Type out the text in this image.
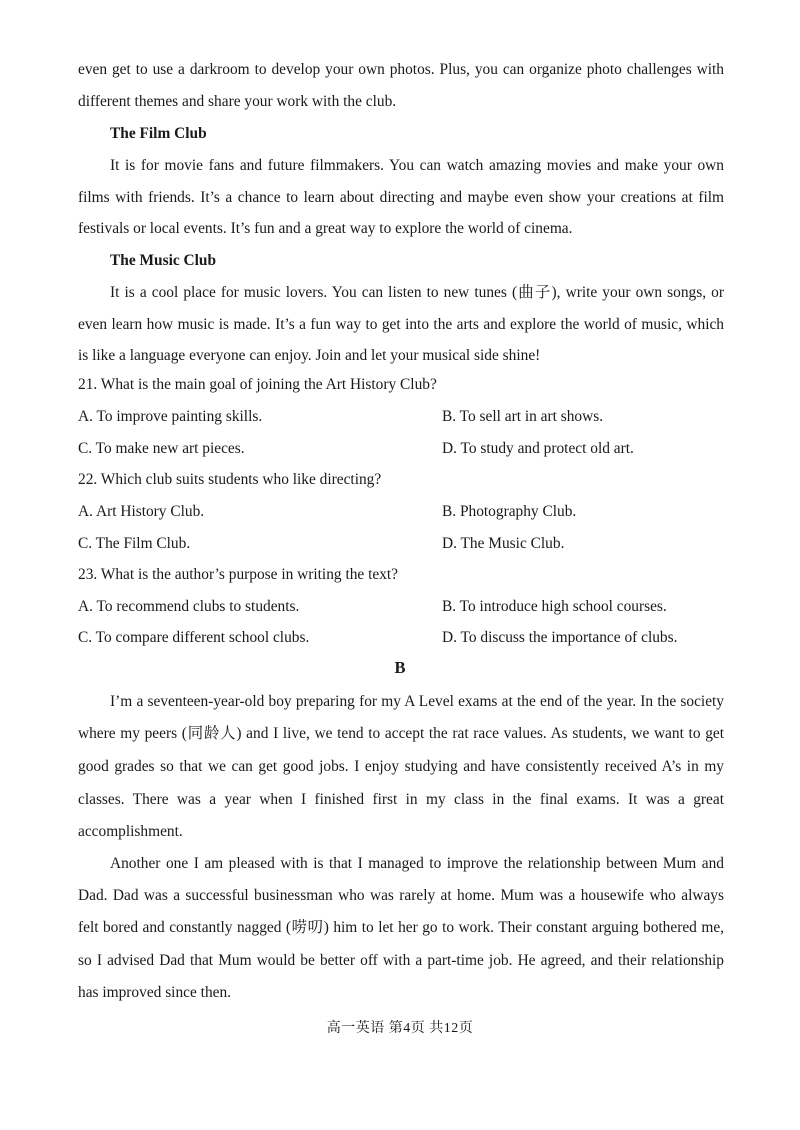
even get to use a darkroom to develop your own photos. Plus, you can organize photo challenges with
different themes and share your work with the club.
The Film Club
It is for movie fans and future filmmakers. You can watch amazing movies and make your own
films with friends. It’s a chance to learn about directing and maybe even show your creations at film
festivals or local events. It’s fun and a great way to explore the world of cinema.
The Music Club
It is a cool place for music lovers. You can listen to new tunes (曲子), write your own songs, or
even learn how music is made. It’s a fun way to get into the arts and explore the world of music, which
is like a language everyone can enjoy. Join and let your musical side shine!
21. What is the main goal of joining the Art History Club?
A. To improve painting skills.	B. To sell art in art shows.
C. To make new art pieces.	D. To study and protect old art.
22. Which club suits students who like directing?
A. Art History Club.	B. Photography Club.
C. The Film Club.	D. The Music Club.
23. What is the author’s purpose in writing the text?
A. To recommend clubs to students.	B. To introduce high school courses.
C. To compare different school clubs.	D. To discuss the importance of clubs.
B
I’m a seventeen-year-old boy preparing for my A Level exams at the end of the year. In the society
where my peers (同龄人) and I live, we tend to accept the rat race values. As students, we want to get
good grades so that we can get good jobs. I enjoy studying and have consistently received A’s in my
classes. There was a year when I finished first in my class in the final exams. It was a great
accomplishment.
Another one I am pleased with is that I managed to improve the relationship between Mum and
Dad. Dad was a successful businessman who was rarely at home. Mum was a housewife who always
felt bored and constantly nagged (唠叨) him to let her go to work. Their constant arguing bothered me,
so I advised Dad that Mum would be better off with a part-time job. He agreed, and their relationship
has improved since then.
高一英语 第4页 共12页
